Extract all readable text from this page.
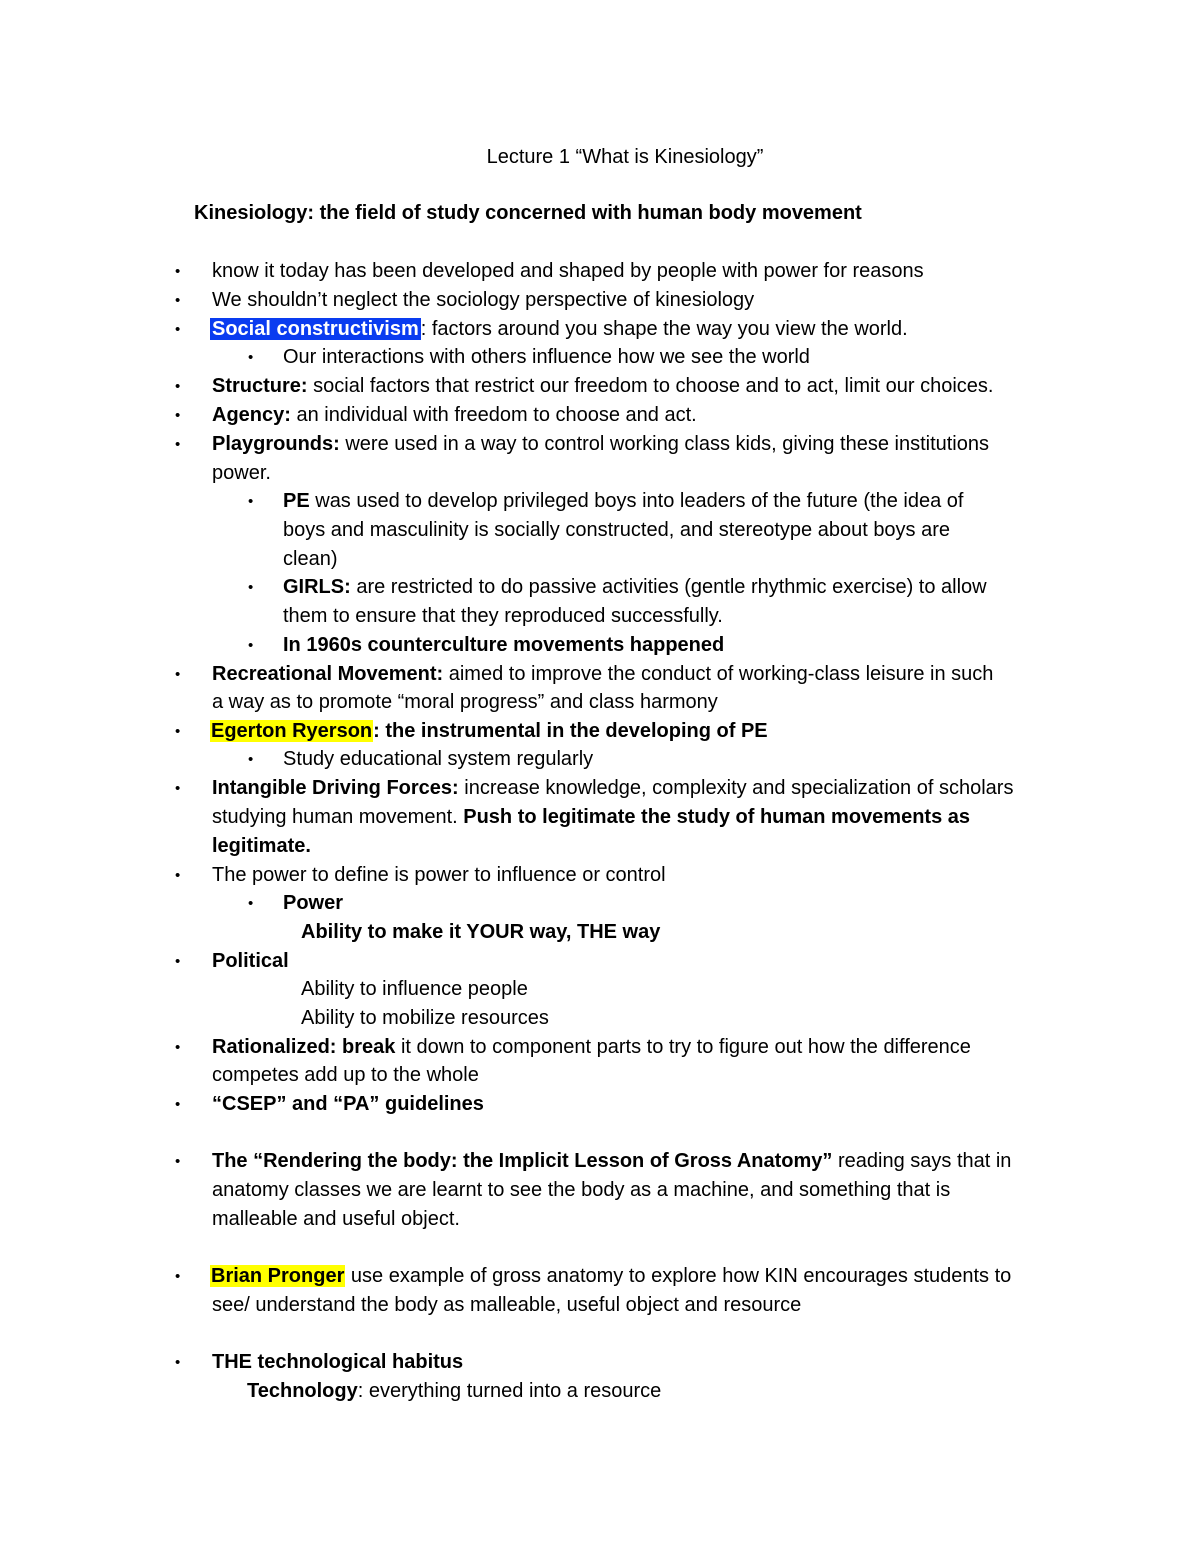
Lecture 1 “What is Kinesiology”
Kinesiology: the field of study concerned with human body movement
• know it today has been developed and shaped by people with power for reasons
• We shouldn’t neglect the sociology perspective of kinesiology
• Social constructivism : factors around you shape the way you view the world.
• Our interactions with others influence how we see the world
• Structure: social factors that restrict our freedom to choose and to act, limit our choices.
• Agency: an individual with freedom to choose and act.
• Playgrounds: were used in a way to control working class kids, giving these institutions
power.
• PE was used to develop privileged boys into leaders of the future (the idea of
boys and masculinity is socially constructed, and stereotype about boys are
clean)
• GIRLS: are restricted to do passive activities (gentle rhythmic exercise) to allow
them to ensure that they reproduced successfully.
• In 1960s counterculture movements happened
• Recreational Movement: aimed to improve the conduct of working-class leisure in such
a way as to promote “moral progress” and class harmony
• Egerton Ryerson: the instrumental in the developing of PE
• Study educational system regularly
• Intangible Driving Forces: increase knowledge, complexity and specialization of scholars
studying human movement. Push to legitimate the study of human movements as
legitimate.
• The power to define is power to influence or control
• Power
Ability to make it YOUR way, THE way
• Political
Ability to influence people
Ability to mobilize resources
• Rationalized: break it down to component parts to try to figure out how the difference
competes add up to the whole
• “CSEP” and “PA” guidelines
• The “Rendering the body: the Implicit Lesson of Gross Anatomy” reading says that in
anatomy classes we are learnt to see the body as a machine, and something that is
malleable and useful object.
• Brian Pronger use example of gross anatomy to explore how KIN encourages students to
see/ understand the body as malleable, useful object and resource
• THE technological habitus
Technology: everything turned into a resource
